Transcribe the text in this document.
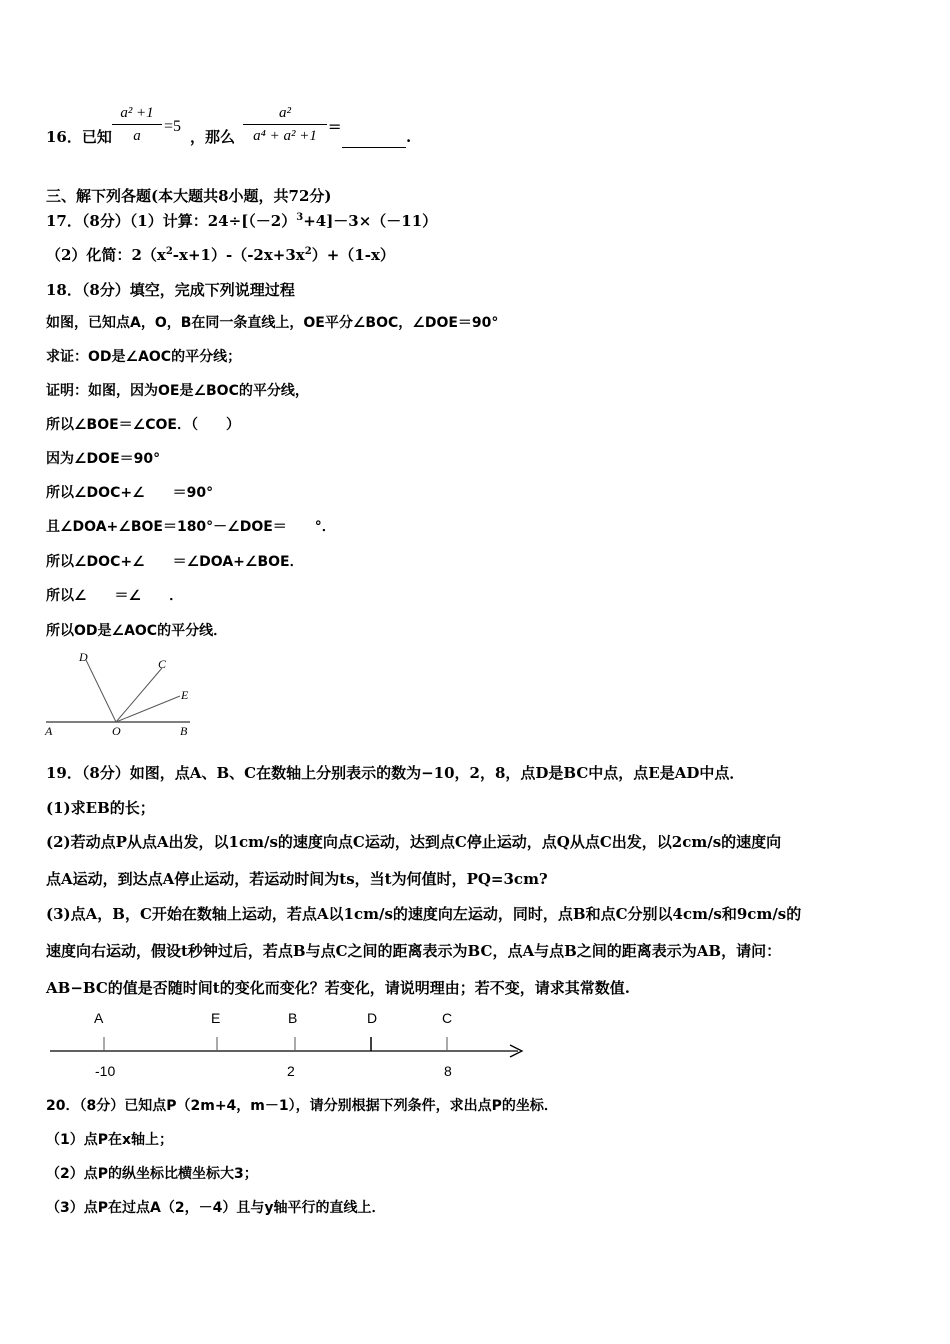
16．已知
a² +1
a
=5
，那么
a²
a⁴ + a² +1 =
.
三、解下列各题(本大题共8小题，共72分)
17．（8分）（1）计算：$24\div[(-2)^3+4]-3\times(-11)$
（2）化简：$2(x^2-x+1)-(-2x+3x^2)+(1-x)$
18．（8分）填空，完成下列说理过程
如图，已知点A，O，B在同一条直线上，OE平分∠BOC，∠DOE＝90°
求证：OD是∠AOC的平分线；
证明：如图，因为OE是∠BOC的平分线，
所以∠BOE＝∠COE．（　　）
因为∠DOE＝90°
所以∠DOC+∠　　＝90°
且∠DOA+∠BOE＝180°－∠DOE＝　　°．
所以∠DOC+∠　　＝∠DOA+∠BOE．
所以∠　　＝∠　　．
所以OD是∠AOC的平分线．
D	C
E
A	O	B
19．（8分）如图，点A、B、C在数轴上分别表示的数为−10，2，8，点D是BC中点，点E是AD中点．
(1)求EB的长；
(2)若动点P从点A出发，以1cm/s的速度向点C运动，达到点C停止运动，点Q从点C出发，以2cm/s的速度向
点A运动，到达点A停止运动，若运动时间为ts，当t为何值时，PQ=3cm?
(3)点A，B，C开始在数轴上运动，若点A以1cm/s的速度向左运动，同时，点B和点C分别以4cm/s和9cm/s的
速度向右运动，假设t秒钟过后，若点B与点C之间的距离表示为BC，点A与点B之间的距离表示为AB，请问：
AB−BC的值是否随时间t的变化而变化？若变化，请说明理由；若不变，请求其常数值.
A	E	B	D	C
-10	2	8
20．（8分）已知点P（2m+4，m－1），请分别根据下列条件，求出点P的坐标．
（1）点P在x轴上；
（2）点P的纵坐标比横坐标大3；
（3）点P在过点A（2，－4）且与y轴平行的直线上．
